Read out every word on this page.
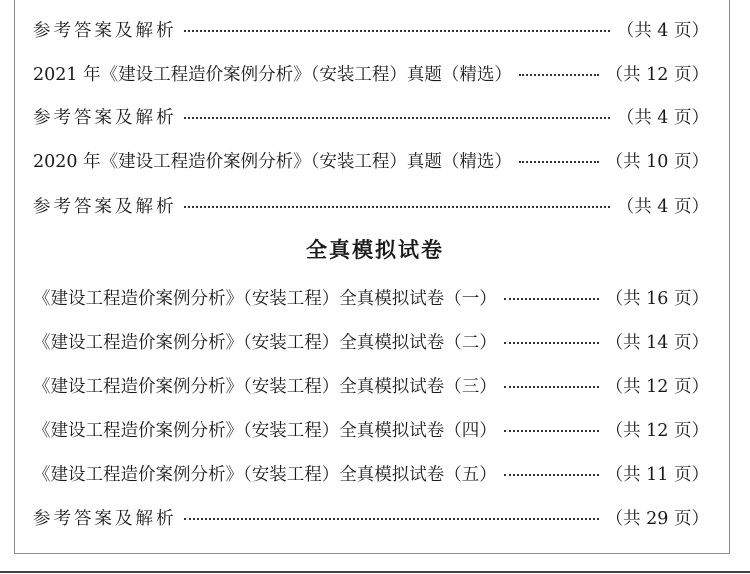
参考答案及解析	（共 4 页）
2021 年《建设工程造价案例分析》（安装工程）真题（精选）	（共 12 页）
参考答案及解析	（共 4 页）
2020 年《建设工程造价案例分析》（安装工程）真题（精选）	（共 10 页）
参考答案及解析	（共 4 页）
全真模拟试卷
《建设工程造价案例分析》（安装工程）全真模拟试卷（一）	（共 16 页）
《建设工程造价案例分析》（安装工程）全真模拟试卷（二）	（共 14 页）
《建设工程造价案例分析》（安装工程）全真模拟试卷（三）	（共 12 页）
《建设工程造价案例分析》（安装工程）全真模拟试卷（四）	（共 12 页）
《建设工程造价案例分析》（安装工程）全真模拟试卷（五）	（共 11 页）
参考答案及解析	（共 29 页）
